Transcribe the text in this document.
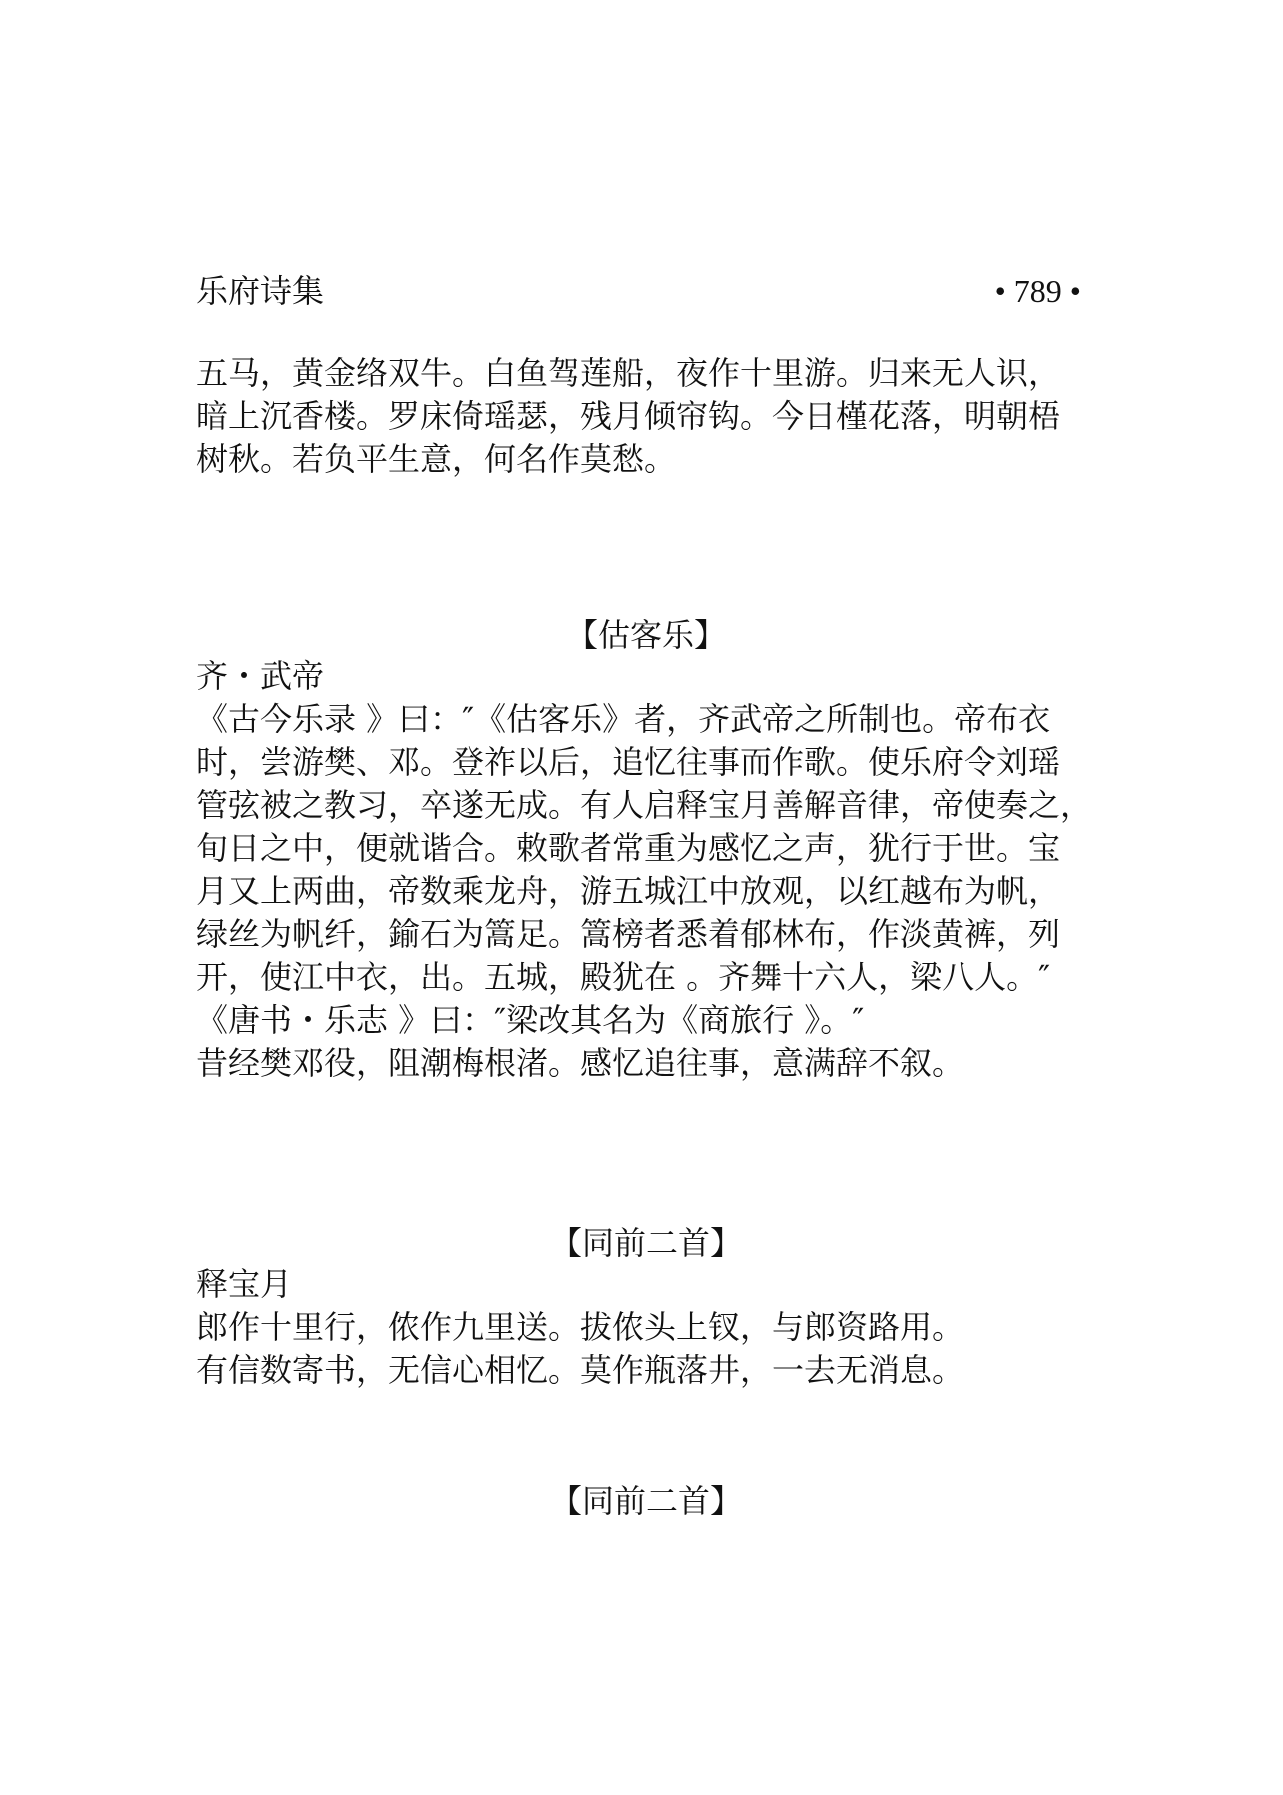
乐府诗集	• 789 •
五马，黄金络双牛。白鱼驾莲船，夜作十里游。归来无人识，
暗上沉香楼。罗床倚瑶瑟，残月倾帘钩。今日槿花落，明朝梧
树秋。若负平生意，何名作莫愁。
【估客乐】
齐・武帝
《古今乐录 》曰：″《估客乐》者，齐武帝之所制也。帝布衣
时，尝游樊、邓。登祚以后，追忆往事而作歌。使乐府令刘瑶
管弦被之教习，卒遂无成。有人启释宝月善解音律，帝使奏之，
旬日之中，便就谐合。敕歌者常重为感忆之声，犹行于世。宝
月又上两曲，帝数乘龙舟，游五城江中放观，以红越布为帆，
绿丝为帆纤，鍮石为篙足。篙榜者悉着郁林布，作淡黄裤，列
开，使江中衣，出。五城，殿犹在 。齐舞十六人，梁八人。″
《唐书・乐志 》曰：″梁改其名为《商旅行 》。″
昔经樊邓役，阻潮梅根渚。感忆追往事，意满辞不叙。
【同前二首】
释宝月
郎作十里行，侬作九里送。拔侬头上钗，与郎资路用。
有信数寄书，无信心相忆。莫作瓶落井，一去无消息。
【同前二首】
